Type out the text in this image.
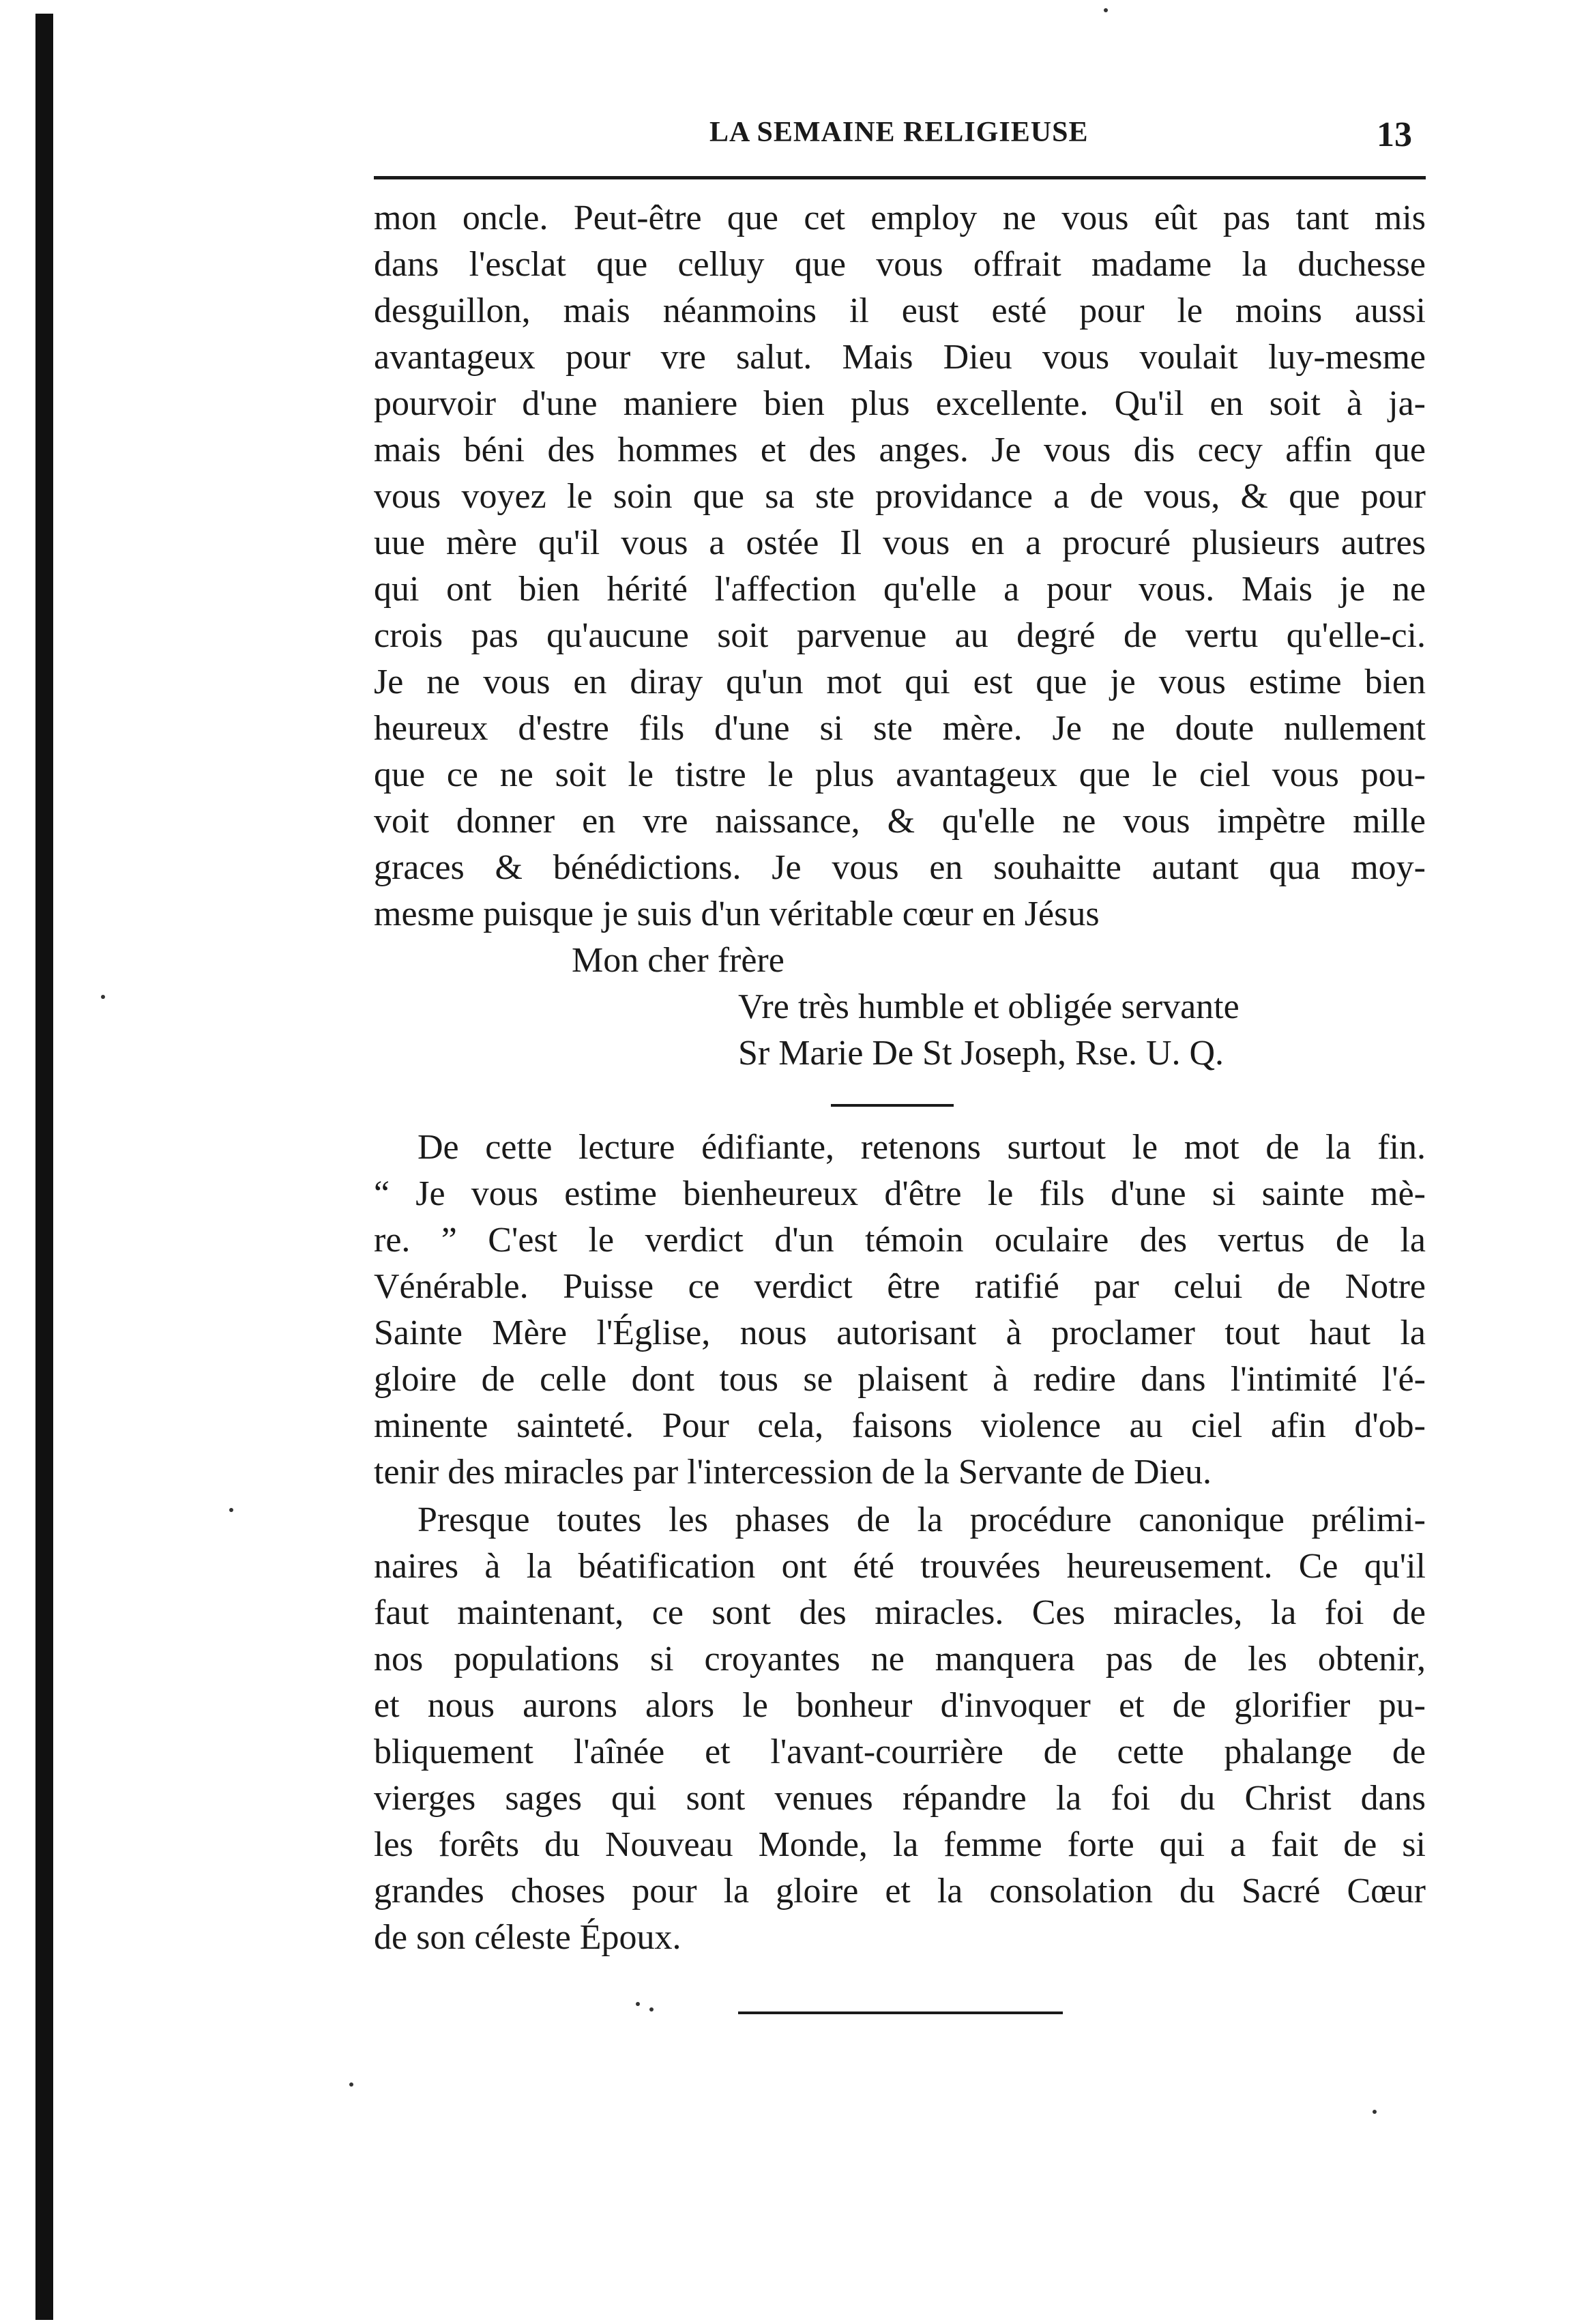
LA SEMAINE RELIGIEUSE	13
mon oncle. Peut-être que cet employ ne vous eût pas tant mis
dans l'esclat que celluy que vous offrait madame la duchesse
desguillon, mais néanmoins il eust esté pour le moins aussi
avantageux pour vre salut. Mais Dieu vous voulait luy-mesme
pourvoir d'une maniere bien plus excellente. Qu'il en soit à ja-
mais béni des hommes et des anges. Je vous dis cecy affin que
vous voyez le soin que sa ste providance a de vous, & que pour
uue mère qu'il vous a ostée Il vous en a procuré plusieurs autres
qui ont bien hérité l'affection qu'elle a pour vous. Mais je ne
crois pas qu'aucune soit parvenue au degré de vertu qu'elle-ci.
Je ne vous en diray qu'un mot qui est que je vous estime bien
heureux d'estre fils d'une si ste mère. Je ne doute nullement
que ce ne soit le tistre le plus avantageux que le ciel vous pou-
voit donner en vre naissance, & qu'elle ne vous impètre mille
graces & bénédictions. Je vous en souhaitte autant qua moy-
mesme puisque je suis d'un véritable cœur en Jésus
Mon cher frère
Vre très humble et obligée servante
Sr Marie De St Joseph, Rse. U. Q.
De cette lecture édifiante, retenons surtout le mot de la fin.
“ Je vous estime bienheureux d'être le fils d'une si sainte mè-
re. ” C'est le verdict d'un témoin oculaire des vertus de la
Vénérable. Puisse ce verdict être ratifié par celui de Notre
Sainte Mère l'Église, nous autorisant à proclamer tout haut la
gloire de celle dont tous se plaisent à redire dans l'intimité l'é-
minente sainteté. Pour cela, faisons violence au ciel afin d'ob-
tenir des miracles par l'intercession de la Servante de Dieu.
Presque toutes les phases de la procédure canonique prélimi-
naires à la béatification ont été trouvées heureusement. Ce qu'il
faut maintenant, ce sont des miracles. Ces miracles, la foi de
nos populations si croyantes ne manquera pas de les obtenir,
et nous aurons alors le bonheur d'invoquer et de glorifier pu-
bliquement l'aînée et l'avant-courrière de cette phalange de
vierges sages qui sont venues répandre la foi du Christ dans
les forêts du Nouveau Monde, la femme forte qui a fait de si
grandes choses pour la gloire et la consolation du Sacré Cœur
de son céleste Époux.
